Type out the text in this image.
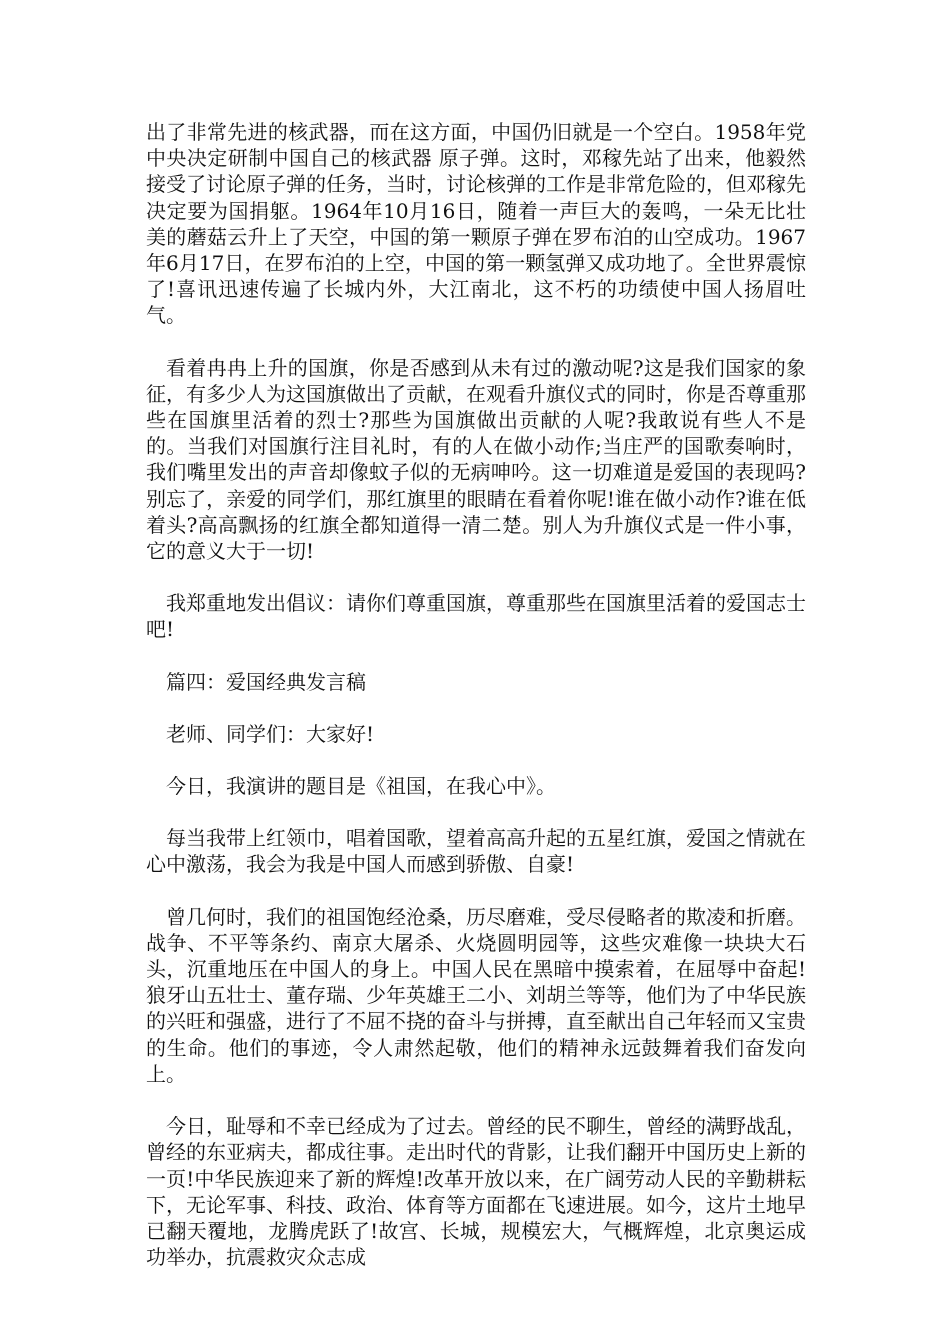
出了非常先进的核武器，而在这方面，中国仍旧就是一个空白。1958年党中央决定研制中国自己的核武器 原子弹。这时，邓稼先站了出来，他毅然接受了讨论原子弹的任务，当时，讨论核弹的工作是非常危险的，但邓稼先决定要为国捐躯。1964年10月16日，随着一声巨大的轰鸣，一朵无比壮美的蘑菇云升上了天空，中国的第一颗原子弹在罗布泊的山空成功。1967年6月17日，在罗布泊的上空，中国的第一颗氢弹又成功地了。全世界震惊了!喜讯迅速传遍了长城内外，大江南北，这不朽的功绩使中国人扬眉吐气。

看着冉冉上升的国旗，你是否感到从未有过的激动呢?这是我们国家的象征，有多少人为这国旗做出了贡献，在观看升旗仪式的同时，你是否尊重那些在国旗里活着的烈士?那些为国旗做出贡献的人呢?我敢说有些人不是的。当我们对国旗行注目礼时，有的人在做小动作;当庄严的国歌奏响时，我们嘴里发出的声音却像蚊子似的无病呻吟。这一切难道是爱国的表现吗?别忘了，亲爱的同学们，那红旗里的眼睛在看着你呢!谁在做小动作?谁在低着头?高高飘扬的红旗全都知道得一清二楚。别人为升旗仪式是一件小事，它的意义大于一切!

我郑重地发出倡议：请你们尊重国旗，尊重那些在国旗里活着的爱国志士吧!

篇四：爱国经典发言稿

老师、同学们：大家好!

今日，我演讲的题目是《祖国，在我心中》。

每当我带上红领巾，唱着国歌，望着高高升起的五星红旗，爱国之情就在心中激荡，我会为我是中国人而感到骄傲、自豪!

曾几何时，我们的祖国饱经沧桑，历尽磨难，受尽侵略者的欺凌和折磨。战争、不平等条约、南京大屠杀、火烧圆明园等，这些灾难像一块块大石头，沉重地压在中国人的身上。中国人民在黑暗中摸索着，在屈辱中奋起!狼牙山五壮士、董存瑞、少年英雄王二小、刘胡兰等等，他们为了中华民族的兴旺和强盛，进行了不屈不挠的奋斗与拼搏，直至献出自己年轻而又宝贵的生命。他们的事迹，令人肃然起敬，他们的精神永远鼓舞着我们奋发向上。

今日，耻辱和不幸已经成为了过去。曾经的民不聊生，曾经的满野战乱，曾经的东亚病夫，都成往事。走出时代的背影，让我们翻开中国历史上新的一页!中华民族迎来了新的辉煌!改革开放以来，在广阔劳动人民的辛勤耕耘下，无论军事、科技、政治、体育等方面都在飞速进展。如今，这片土地早已翻天覆地，龙腾虎跃了!故宫、长城，规模宏大，气概辉煌，北京奥运成功举办，抗震救灾众志成
